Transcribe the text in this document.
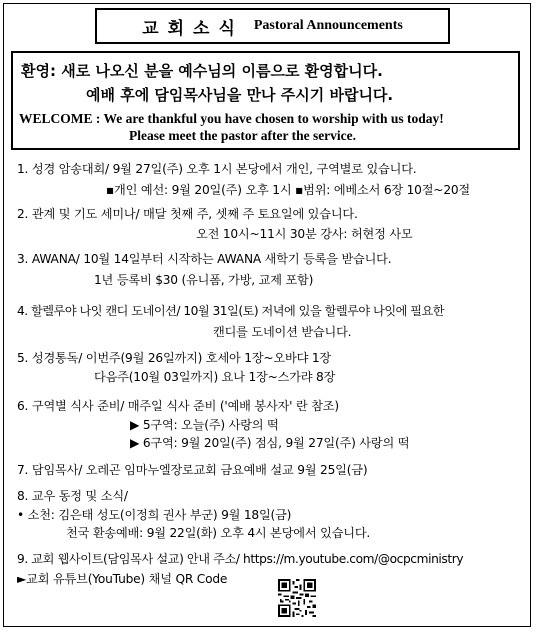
교회소식 Pastoral Announcements
환영: 새로 나오신 분을 예수님의 이름으로 환영합니다.
예배 후에 담임목사님을 만나 주시기 바랍니다.
WELCOME : We are thankful you have chosen to worship with us today!
Please meet the pastor after the service.
1. 성경 암송대회/ 9월 27일(주) 오후 1시 본당에서 개인, 구역별로 있습니다.
▪개인 예선: 9월 20일(주) 오후 1시 ▪범위: 에베소서 6장 10절~20절
2. 관계 및 기도 세미나/ 매달 첫째 주, 셋째 주 토요일에 있습니다.
오전 10시~11시 30분 강사: 허현정 사모
3. AWANA/ 10월 14일부터 시작하는 AWANA 새학기 등록을 받습니다.
1년 등록비 $30 (유니폼, 가방, 교제 포함)
4. 할렐루야 나잇 캔디 도네이션/ 10월 31일(토) 저녁에 있을 할렐루야 나잇에 필요한
캔디를 도네이션 받습니다.
5. 성경통독/ 이번주(9월 26일까지) 호세아 1장~오바댜 1장
다음주(10월 03일까지) 요나 1장~스가랴 8장
6. 구역별 식사 준비/ 매주일 식사 준비 ('예배 봉사자' 란 참조)
▶ 5구역: 오늘(주) 사랑의 떡
▶ 6구역: 9월 20일(주) 점심, 9월 27일(주) 사랑의 떡
7. 담임목사/ 오레곤 임마누엘장로교회 금요예배 설교 9월 25일(금)
8. 교우 동정 및 소식/
• 소천: 김은태 성도(이정희 권사 부군) 9월 18일(금)
천국 환송예배: 9월 22일(화) 오후 4시 본당에서 있습니다.
9. 교회 웹사이트(담임목사 설교) 안내 주소/ https://m.youtube.com/@ocpcministry
►교회 유튜브(YouTube) 채널 QR Code
